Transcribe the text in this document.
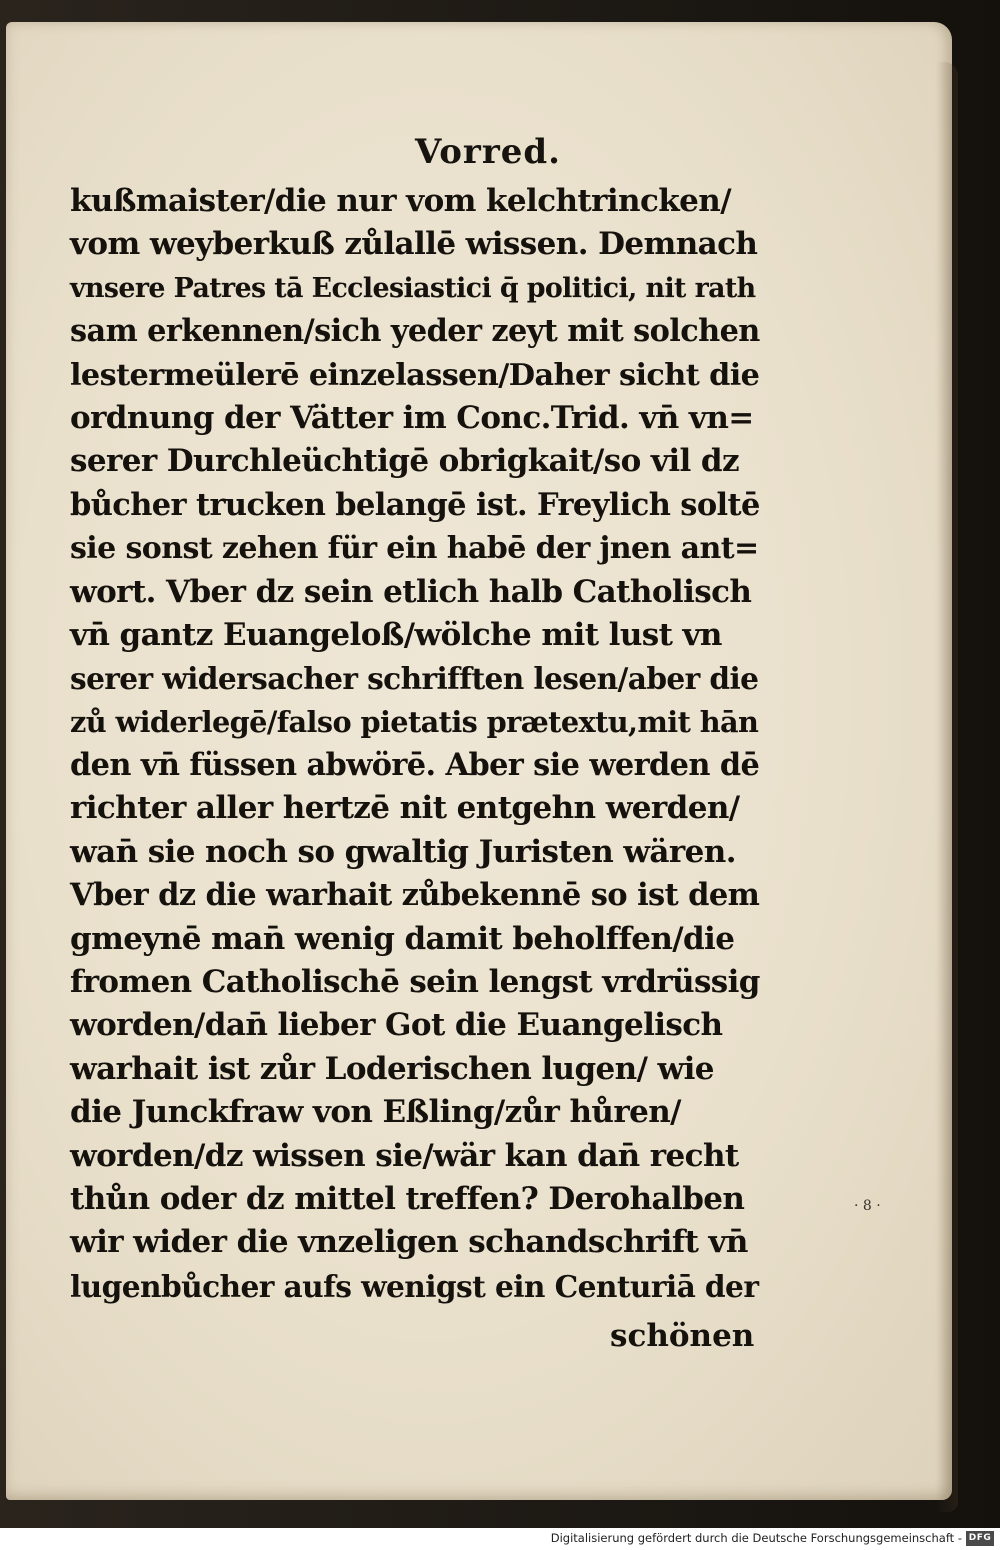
Vorred.
kußmaister/die nur vom kelchtrincken/
vom weyberkuß zůlallē wissen. Demnach
vnsere Patres tā Ecclesiastici q̄ politici, nit rath
sam erkennen/sich yeder zeyt mit solchen
lestermeülerē einzelassen/Daher sicht die
ordnung der Vätter im Conc.Trid. vn̄ vn=
serer Durchleüchtigē obrigkait/so vil dz
bůcher trucken belangē ist. Freylich soltē
sie sonst zehen für ein habē der jnen ant=
wort. Vber dz sein etlich halb Catholisch
vn̄ gantz Euangeloß/wölche mit lust vn
serer widersacher schrifften lesen/aber die
zů widerlegē/falso pietatis prætextu,mit hān
den vn̄ füssen abwörē. Aber sie werden dē
richter aller hertzē nit entgehn werden/
wan̄ sie noch so gwaltig Juristen wären.
Vber dz die warhait zůbekennē so ist dem
gmeynē man̄ wenig damit beholffen/die
fromen Catholischē sein lengst vrdrüssig
worden/dan̄ lieber Got die Euangelisch
warhait ist zůr Loderischen lugen/ wie
die Junckfraw von Eßling/zůr hůren/
worden/dz wissen sie/wär kan dan̄ recht
thůn oder dz mittel treffen? Derohalben
wir wider die vnzeligen schandschrift vn̄
lugenbůcher aufs wenigst ein Centuriā der
schönen
· 8 ·
Digitalisierung gefördert durch die Deutsche Forschungsgemeinschaft - DFG
